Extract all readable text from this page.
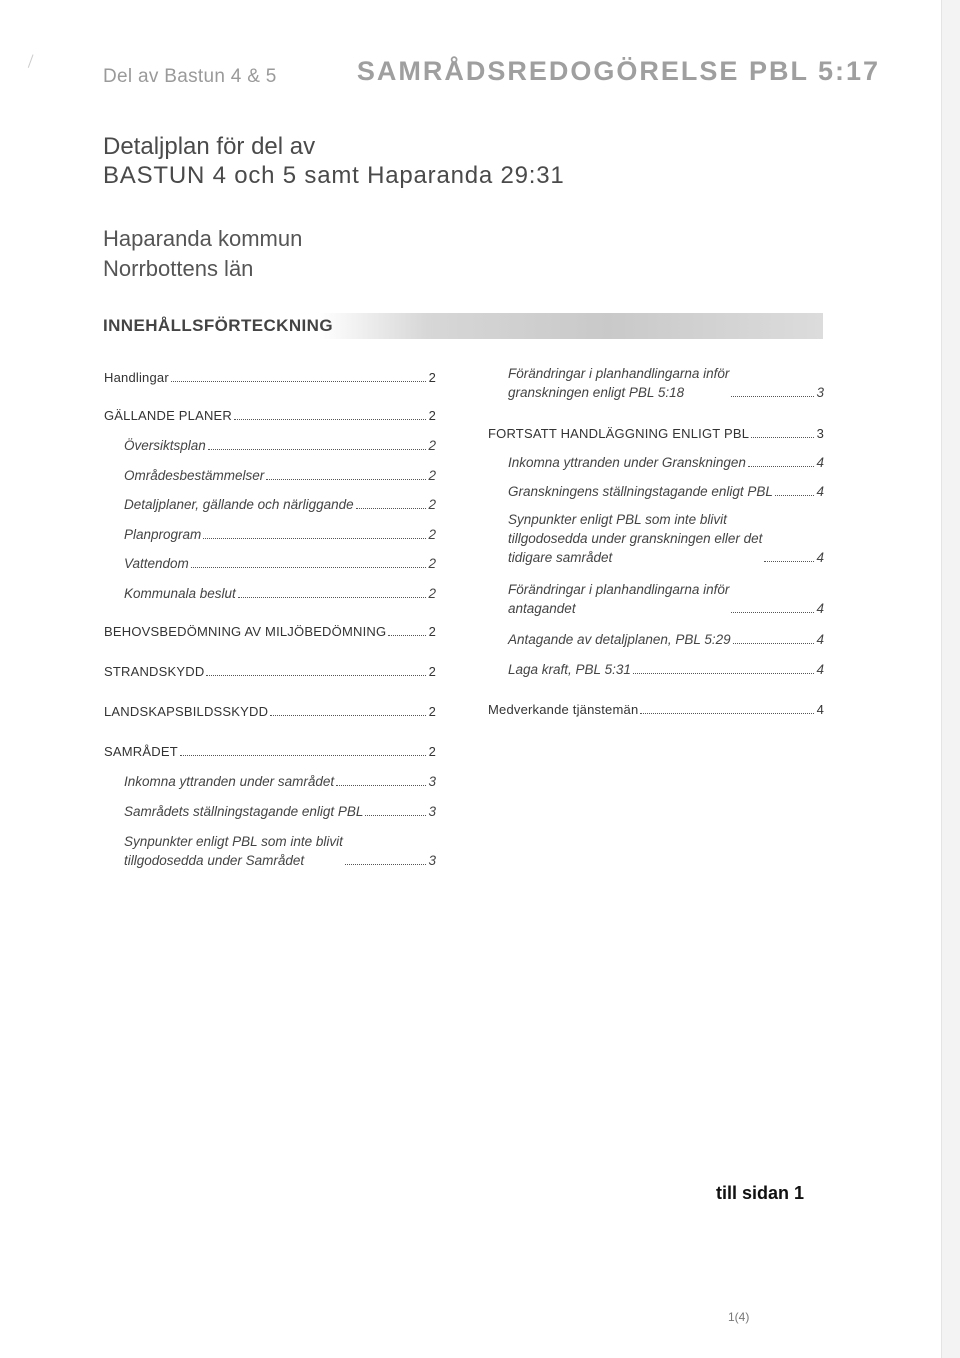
Del av Bastun 4 & 5	SAMRÅDSREDOGÖRELSE PBL 5:17
Detaljplan för del av
BASTUN 4 och 5 samt Haparanda 29:31
Haparanda kommun
Norrbottens län
INNEHÅLLSFÖRTECKNING
Handlingar	2
GÄLLANDE PLANER	2
Översiktsplan	2
Områdesbestämmelser	2
Detaljplaner, gällande och närliggande	2
Planprogram	2
Vattendom	2
Kommunala beslut	2
BEHOVSBEDÖMNING AV MILJÖBEDÖMNING	2
STRANDSKYDD	2
LANDSKAPSBILDSSKYDD	2
SAMRÅDET	2
Inkomna yttranden under samrådet	3
Samrådets ställningstagande enligt PBL	3
Synpunkter enligt PBL som inte blivit
tillgodosedda under Samrådet	3
Förändringar i planhandlingarna inför
granskningen enligt PBL 5:18	3
FORTSATT HANDLÄGGNING ENLIGT PBL	3
Inkomna yttranden under Granskningen	4
Granskningens ställningstagande enligt PBL	4
Synpunkter enligt PBL som inte blivit
tillgodosedda under granskningen eller det
tidigare samrådet	4
Förändringar i planhandlingarna inför
antagandet	4
Antagande av detaljplanen, PBL 5:29	4
Laga kraft, PBL 5:31	4
Medverkande tjänstemän	4
till sidan 1
1(4)
